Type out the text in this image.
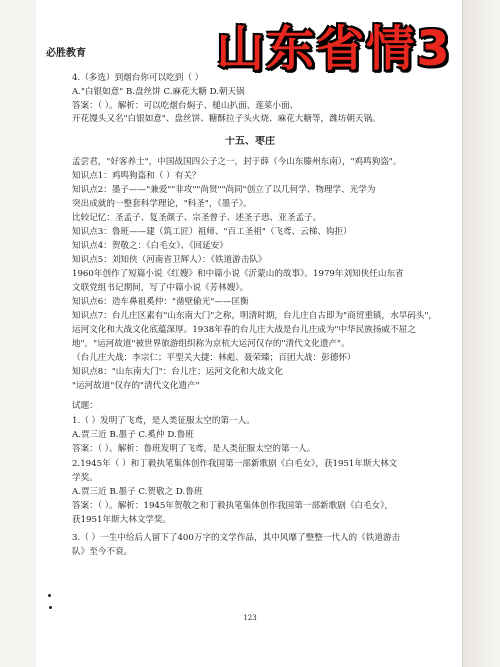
必胜教育	山东省情3
4.（多选）到烟台你可以吃到（ ）
A."白银如意" B.盘丝饼 C.麻花大糖 D.朝天锅
答案：（ ）。解析：可以吃烟台焖子、槌山扒面、莲菜小面、
开花馒头又名"白银如意"、盘丝饼、糖酥拉子头火烧、麻花大糖等，潍坊朝天锅。
十五、枣庄
孟尝君，"好客养士"，中国战国四公子之一，封于薛（今山东滕州东南），"鸡鸣狗盗"。
知识点1：鸡鸣狗盗和（ ）有关？
知识点2：墨子——"兼爱""非攻""尚贤""尚同"创立了以几何学、物理学、光学为
突出成就的一整套科学理论，"科圣"，《墨子》。
比较记忆：圣孟子、复圣颜子、宗圣曾子、述圣子思、亚圣孟子。
知识点3：鲁班——建（筑工匠）祖师、"百工圣祖"（飞鸢、云梯、钩拒）
知识点4：贺敬之：《白毛女》、《回延安》
知识点5：刘知侠（河南省卫辉人）：《铁道游击队》
1960年创作了短篇小说《红嫂》和中篇小说《沂蒙山的故事》。1979年刘知侠任山东省
文联党组书记期间，写了中篇小说《芳林嫂》。
知识点6：造车鼻祖奚仲："凿壁偷光"——匡衡
知识点7：台儿庄区素有"山东南大门"之称，明清时期，台儿庄自古即为"商贸重镇，水旱码头"，
运河文化和大战文化底蕴深厚。1938年春的台儿庄大战是台儿庄成为"中华民族扬威不屈之
地"，"运河故道"被世界旅游组织称为京杭大运河仅存的"清代文化遗产"。
（台儿庄大战：李宗仁；平型关大捷：林彪、聂荣臻；百团大战：彭德怀）
知识点8："山东南大门"：台儿庄；运河文化和大战文化
"运河故道"仅存的"清代文化遗产"
试题：
1.（ ）发明了飞鸢，是人类征服太空的第一人。
A.贾三近 B.墨子 C.奚仲 D.鲁班
答案：（ ）。解析：鲁班发明了飞鸢，是人类征服太空的第一人。
2.1945年（ ）和丁毅执笔集体创作我国第一部新歌剧《白毛女》，获1951年斯大林文
学奖。
A.贾三近 B.墨子 C.贺敬之 D.鲁班
答案：（ ）。解析：1945年贺敬之和丁毅执笔集体创作我国第一部新歌剧《白毛女》，
获1951年斯大林文学奖。
3.（ ）一生中给后人留下了400万字的文学作品，其中风靡了整整一代人的《铁道游击
队》至今不衰。
123
